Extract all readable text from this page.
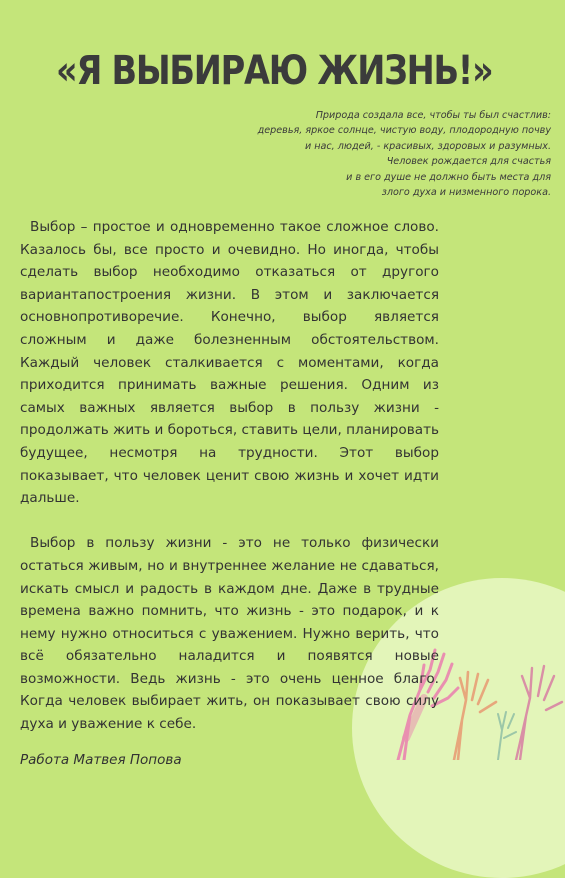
«Я ВЫБИРАЮ ЖИЗНЬ!»
Природа создала все, чтобы ты был счастлив:
деревья, яркое солнце, чистую воду, плодородную почву
и нас, людей, - красивых, здоровых и разумных.
Человек рождается для счастья
и в его душе не должно быть места для
злого духа и низменного порока.

Выбор – простое и одновременно такое сложное слово. Казалось бы, все просто и очевидно. Но иногда, чтобы сделать выбор необходимо отказаться от другого вариантапостроения жизни. В этом и заключается основнопротиворечие. Конечно, выбор является сложным и даже болезненным обстоятельством. Каждый человек сталкивается с моментами, когда приходится принимать важные решения. Одним из самых важных является выбор в пользу жизни - продолжать жить и бороться, ставить цели, планировать будущее, несмотря на трудности. Этот выбор показывает, что человек ценит свою жизнь и хочет идти дальше.

Выбор в пользу жизни - это не только физически остаться живым, но и внутреннее желание не сдаваться, искать смысл и радость в каждом дне. Даже в трудные времена важно помнить, что жизнь - это подарок, и к нему нужно относиться с уважением. Нужно верить, что всё обязательно наладится и появятся новые возможности. Ведь жизнь - это очень ценное благо. Когда человек выбирает жить, он показывает свою силу духа и уважение к себе.

Работа Матвея Попова
